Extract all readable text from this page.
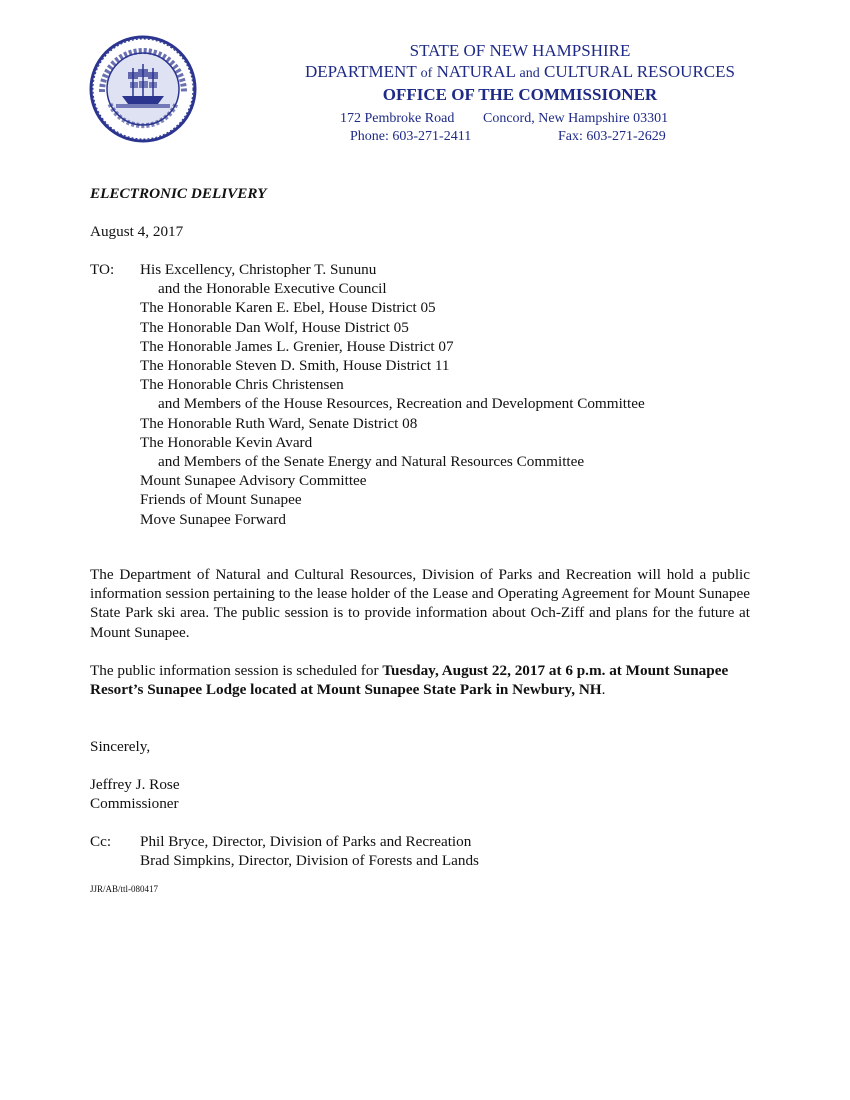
STATE OF NEW HAMPSHIRE
DEPARTMENT of NATURAL and CULTURAL RESOURCES
OFFICE OF THE COMMISSIONER
172 Pembroke Road	Concord, New Hampshire 03301
Phone: 603-271-2411	Fax: 603-271-2629
ELECTRONIC DELIVERY
August 4, 2017
TO: His Excellency, Christopher T. Sununu
and the Honorable Executive Council
The Honorable Karen E. Ebel, House District 05
The Honorable Dan Wolf, House District 05
The Honorable James L. Grenier, House District 07
The Honorable Steven D. Smith, House District 11
The Honorable Chris Christensen
and Members of the House Resources, Recreation and Development Committee
The Honorable Ruth Ward, Senate District 08
The Honorable Kevin Avard
and Members of the Senate Energy and Natural Resources Committee
Mount Sunapee Advisory Committee
Friends of Mount Sunapee
Move Sunapee Forward
The Department of Natural and Cultural Resources, Division of Parks and Recreation will hold a public information session pertaining to the lease holder of the Lease and Operating Agreement for Mount Sunapee State Park ski area. The public session is to provide information about Och-Ziff and plans for the future at Mount Sunapee.
The public information session is scheduled for Tuesday, August 22, 2017 at 6 p.m. at Mount Sunapee Resort’s Sunapee Lodge located at Mount Sunapee State Park in Newbury, NH.
Sincerely,
Jeffrey J. Rose
Commissioner
Cc: Phil Bryce, Director, Division of Parks and Recreation
Brad Simpkins, Director, Division of Forests and Lands
JJR/AB/ttl-080417
